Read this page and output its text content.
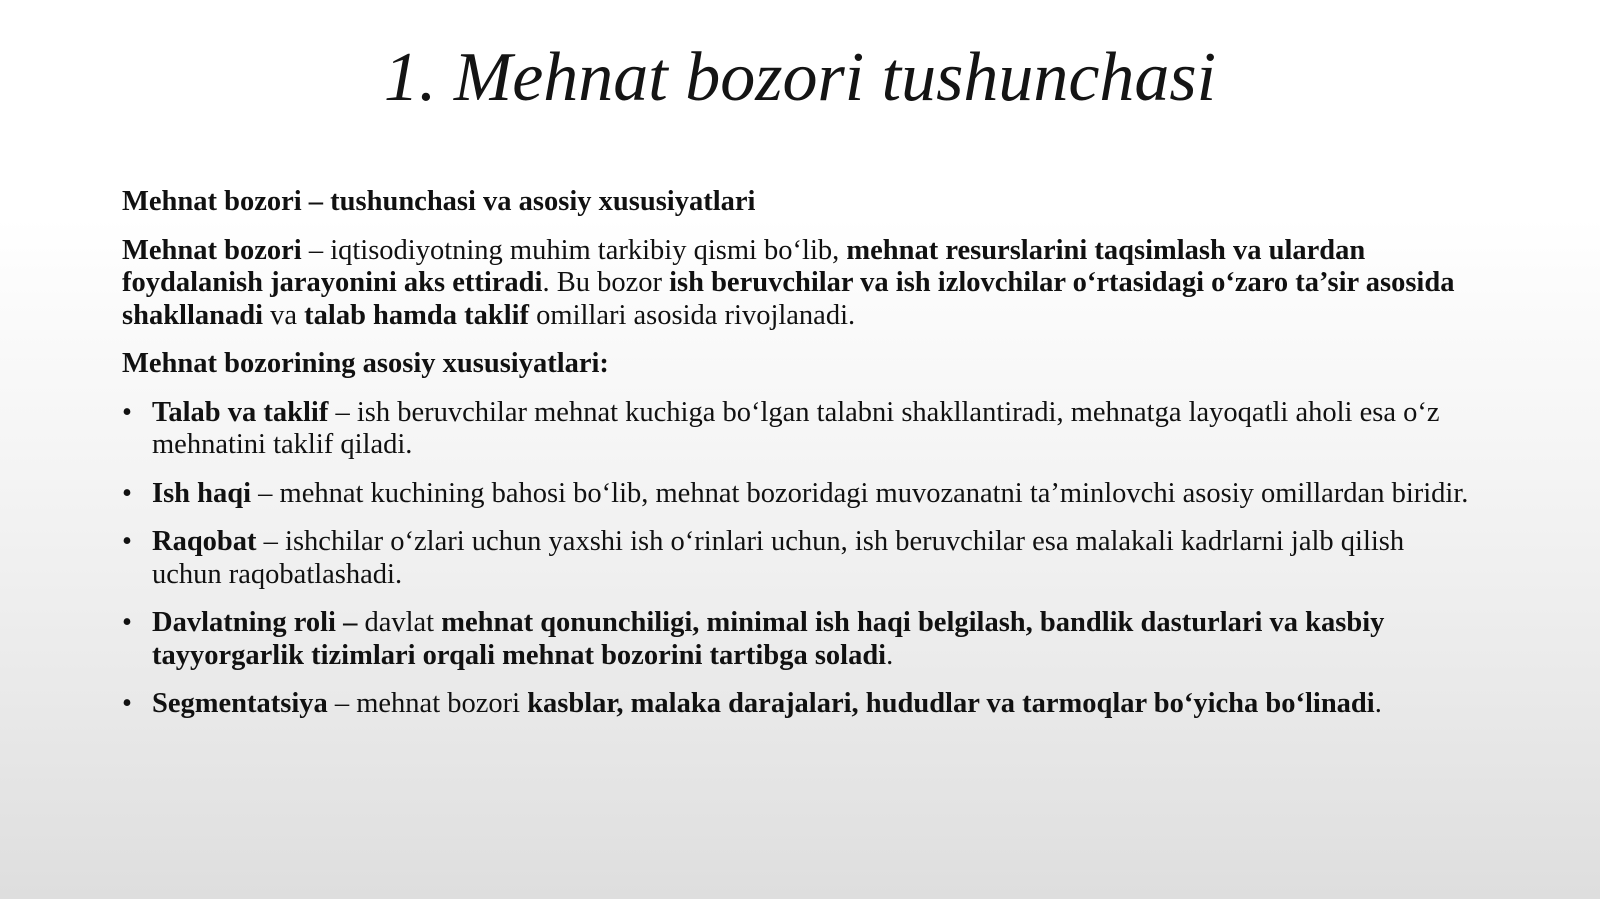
1. Mehnat bozori tushunchasi

Mehnat bozori – tushunchasi va asosiy xususiyatlari

Mehnat bozori – iqtisodiyotning muhim tarkibiy qismi bo‘lib, mehnat resurslarini taqsimlash va ulardan foydalanish jarayonini aks ettiradi. Bu bozor ish beruvchilar va ish izlovchilar o‘rtasidagi o‘zaro ta’sir asosida shakllanadi va talab hamda taklif omillari asosida rivojlanadi.

Mehnat bozorining asosiy xususiyatlari:

• Talab va taklif – ish beruvchilar mehnat kuchiga bo‘lgan talabni shakllantiradi, mehnatga layoqatli aholi esa o‘z mehnatini taklif qiladi.
• Ish haqi – mehnat kuchining bahosi bo‘lib, mehnat bozoridagi muvozanatni ta’minlovchi asosiy omillardan biridir.
• Raqobat – ishchilar o‘zlari uchun yaxshi ish o‘rinlari uchun, ish beruvchilar esa malakali kadrlarni jalb qilish uchun raqobatlashadi.
• Davlatning roli – davlat mehnat qonunchiligi, minimal ish haqi belgilash, bandlik dasturlari va kasbiy tayyorgarlik tizimlari orqali mehnat bozorini tartibga soladi.
• Segmentatsiya – mehnat bozori kasblar, malaka darajalari, hududlar va tarmoqlar bo‘yicha bo‘linadi.
